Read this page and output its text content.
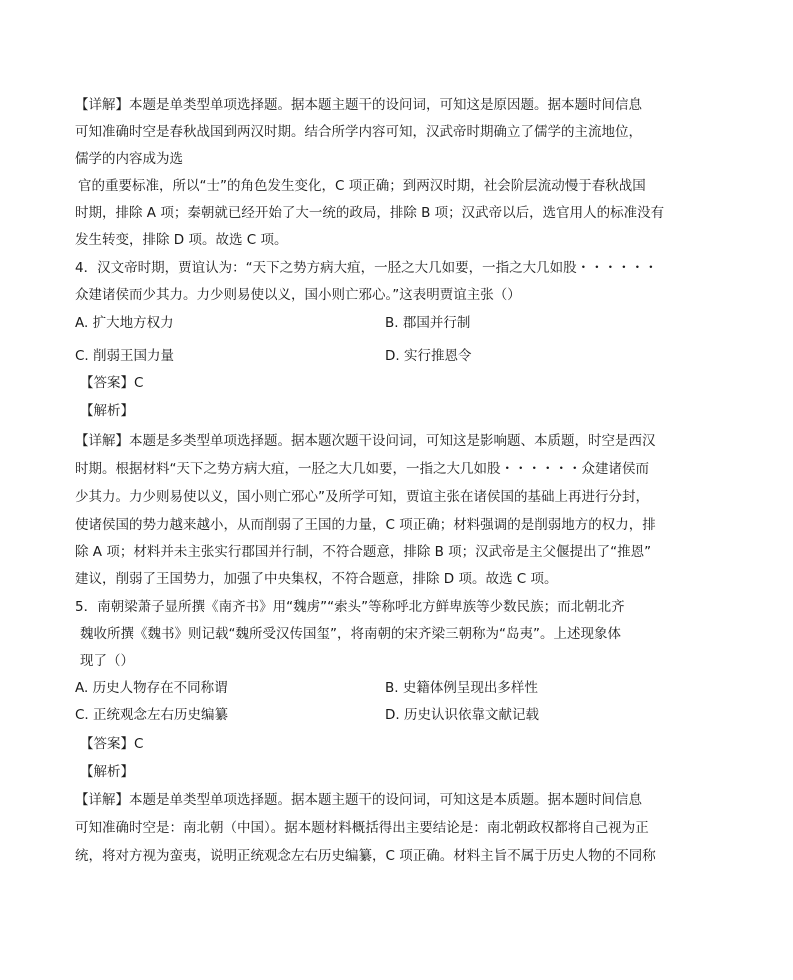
【详解】本题是单类型单项选择题。据本题主题干的设问词，可知这是原因题。据本题时间信息
可知准确时空是春秋战国到两汉时期。结合所学内容可知，汉武帝时期确立了儒学的主流地位，
儒学的内容成为选
官的重要标准，所以“士”的角色发生变化，C 项正确；到两汉时期，社会阶层流动慢于春秋战国
时期，排除 A 项；秦朝就已经开始了大一统的政局，排除 B 项；汉武帝以后，选官用人的标准没有
发生转变，排除 D 项。故选 C 项。
4．汉文帝时期，贾谊认为：“天下之势方病大疽，一胫之大几如要，一指之大几如股・・・・・・
众建诸侯而少其力。力少则易使以义，国小则亡邪心。”这表明贾谊主张（）
A. 扩大地方权力	B. 郡国并行制
C. 削弱王国力量	D. 实行推恩令
【答案】C
【解析】
【详解】本题是多类型单项选择题。据本题次题干设问词，可知这是影响题、本质题，时空是西汉
时期。根据材料“天下之势方病大疽，一胫之大几如要，一指之大几如股・・・・・・众建诸侯而
少其力。力少则易使以义，国小则亡邪心”及所学可知，贾谊主张在诸侯国的基础上再进行分封，
使诸侯国的势力越来越小，从而削弱了王国的力量，C 项正确；材料强调的是削弱地方的权力，排
除 A 项；材料并未主张实行郡国并行制，不符合题意，排除 B 项；汉武帝是主父偃提出了“推恩”
建议，削弱了王国势力，加强了中央集权，不符合题意，排除 D 项。故选 C 项。
5．南朝梁萧子显所撰《南齐书》用“魏虏”“索头”等称呼北方鲜卑族等少数民族；而北朝北齐
魏收所撰《魏书》则记载“魏所受汉传国玺”，将南朝的宋齐梁三朝称为“岛夷”。上述现象体
现了（）
A. 历史人物存在不同称谓	B. 史籍体例呈现出多样性
C. 正统观念左右历史编纂	D. 历史认识依靠文献记载
【答案】C
【解析】
【详解】本题是单类型单项选择题。据本题主题干的设问词，可知这是本质题。据本题时间信息
可知准确时空是：南北朝（中国）。据本题材料概括得出主要结论是：南北朝政权都将自己视为正
统，将对方视为蛮夷，说明正统观念左右历史编纂，C 项正确。材料主旨不属于历史人物的不同称
